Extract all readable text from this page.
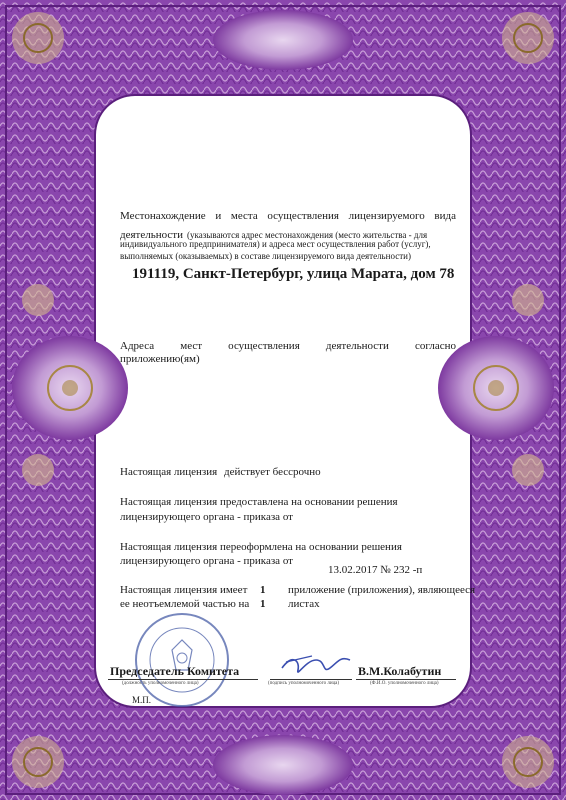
Местонахождение и места осуществления лицензируемого вида
деятельности (указываются адрес местонахождения (место жительства - для
индивидуального предпринимателя) и адреса мест осуществления работ (услуг),
выполняемых (оказываемых) в составе лицензируемого вида деятельности)
191119, Санкт-Петербург, улица Марата, дом 78
Адреса мест осуществления деятельности согласно
приложению(ям)
Настоящая лицензия действует бессрочно
Настоящая лицензия предоставлена на основании решения
лицензирующего органа - приказа от
Настоящая лицензия переоформлена на основании решения
лицензирующего органа - приказа от
13.02.2017 № 232 -п
Настоящая лицензия имеет 1 приложение (приложения), являющееся
ее неотъемлемой частью на 1 листах
Председатель Комитета
(должность уполномоченного лица)	(подпись уполномоченного лица)
В.М.Колабутин
(Ф.И.О. уполномоченного лица)
М.П.
